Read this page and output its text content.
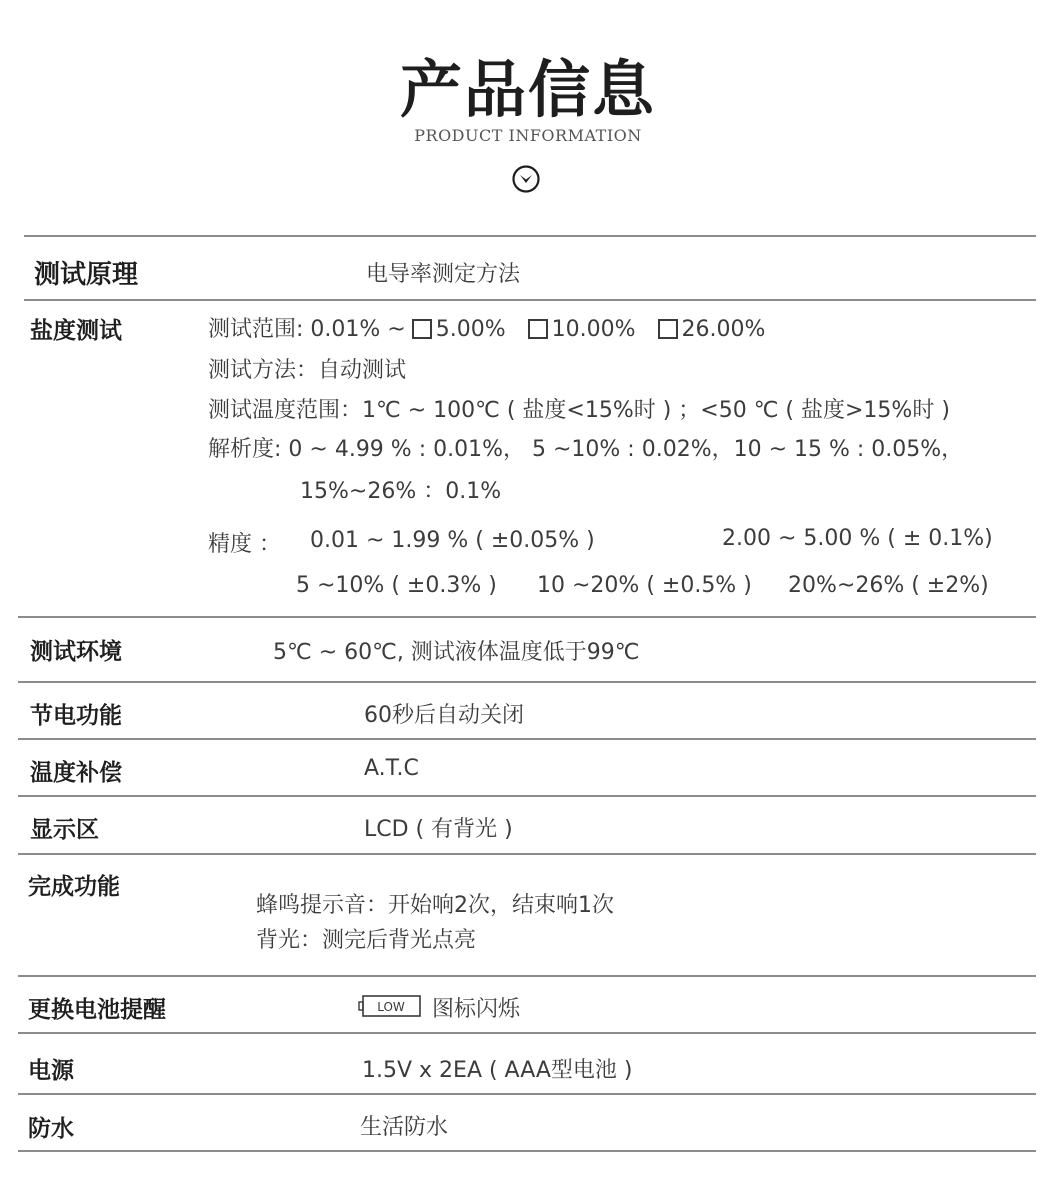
产品信息
PRODUCT INFORMATION
测试原理	电导率测定方法
盐度测试	测试范围: 0.01% ~ 5.00% 10.00% 26.00%
测试方法：自动测试
测试温度范围：1℃ ~ 100℃ ( 盐度<15%时 ) ；<50 ℃ ( 盐度>15%时 )
解析度: 0 ~ 4.99 % : 0.01%， 5 ~10% : 0.02%，10 ~ 15 % : 0.05%，
15%~26% ：0.1%
精度 ： 0.01 ~ 1.99 % ( ±0.05% )	2.00 ~ 5.00 % ( ± 0.1%)
5 ~10% ( ±0.3% ) 10 ~20% ( ±0.5% ) 20%~26% ( ±2%)
测试环境	5℃ ~ 60℃, 测试液体温度低于99℃
节电功能	60秒后自动关闭
温度补偿	A.T.C
显示区	LCD ( 有背光 )
完成功能
蜂鸣提示音：开始响2次，结束响1次
背光：测完后背光点亮
更换电池提醒	LOW 图标闪烁
电源	1.5V x 2EA ( AAA型电池 )
防水	生活防水
